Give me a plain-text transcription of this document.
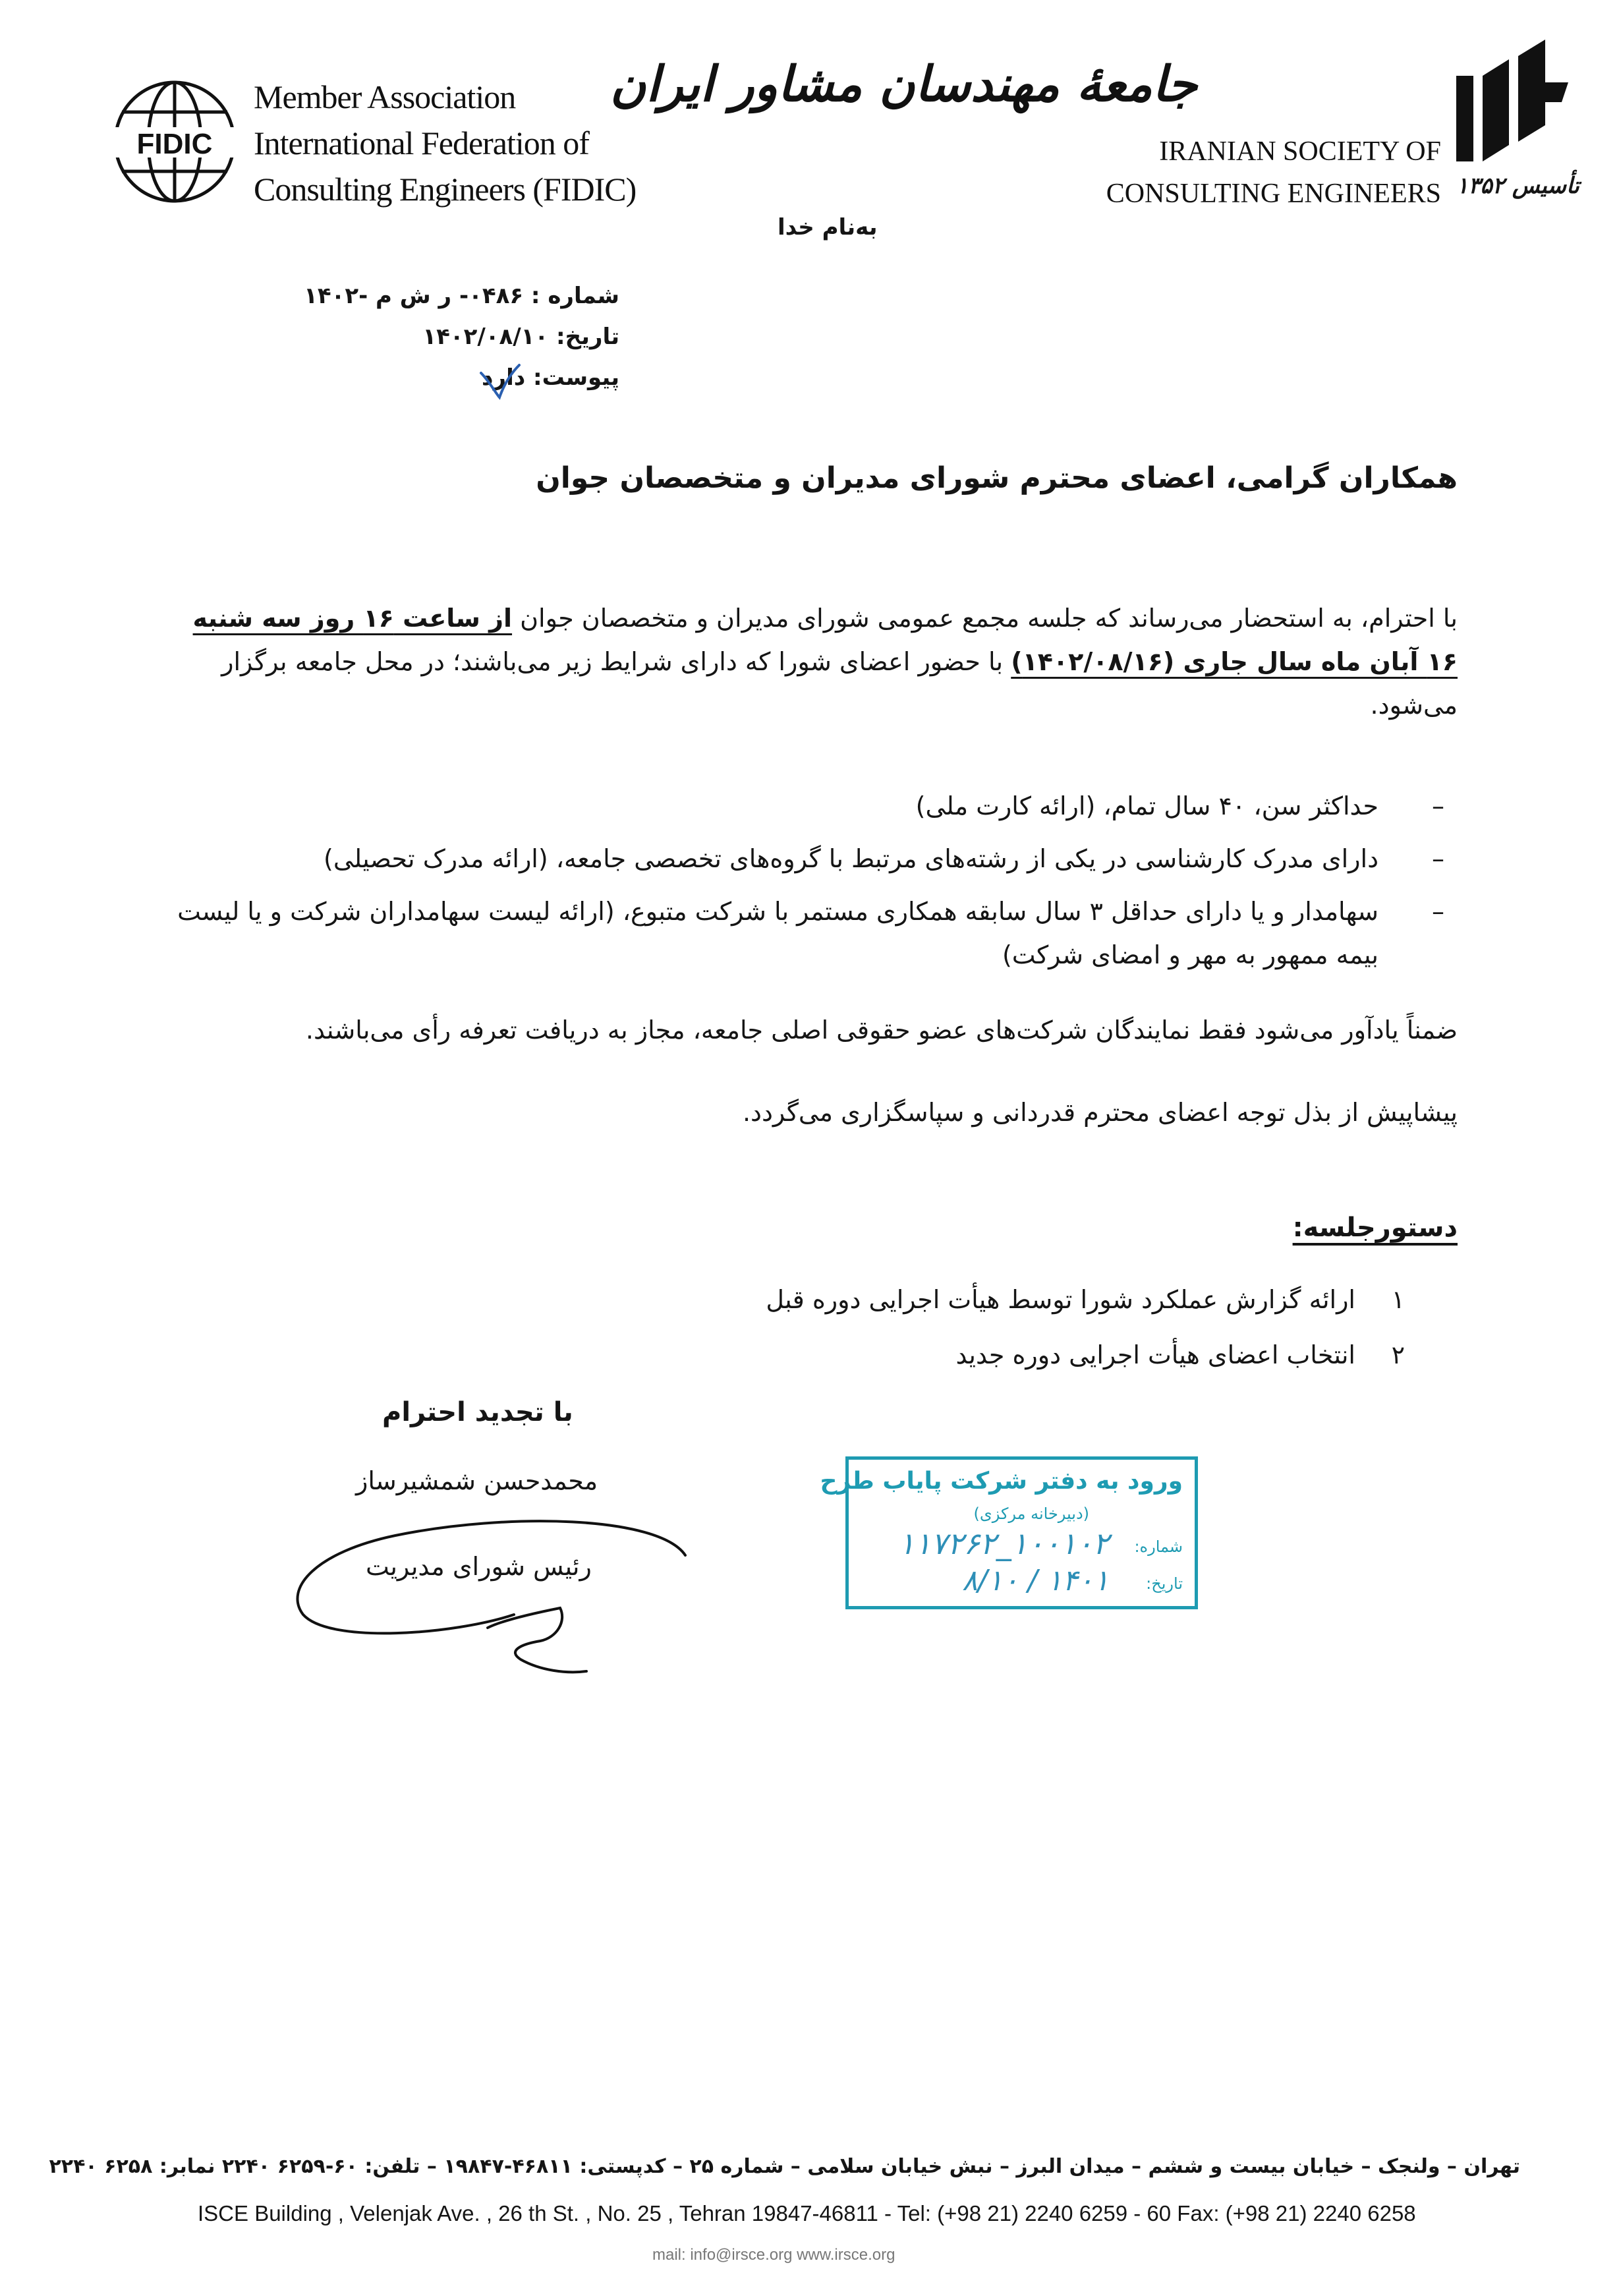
FIDIC
Member Association
International Federation of
Consulting Engineers (FIDIC)
جامعهٔ مهندسان مشاور ایران
IRANIAN SOCIETY OF
CONSULTING ENGINEERS تأسیس ۱۳۵۲
به‌نام خدا
شماره : ۰۴۸۶- ر ش م -۱۴۰۲
تاریخ: ۱۴۰۲/۰۸/۱۰
پیوست: دارد
همکاران گرامی، اعضای محترم شورای مدیران و متخصصان جوان
با احترام، به استحضار می‌رساند که جلسه مجمع عمومی شورای مدیران و متخصصان جوان از ساعت ۱۶ روز سه شنبه ۱۶ آبان ماه سال جاری (۱۴۰۲/۰۸/۱۶) با حضور اعضای شورا که دارای شرایط زیر می‌باشند؛ در محل جامعه برگزار می‌شود.
–
حداکثر سن، ۴۰ سال تمام، (ارائه کارت ملی)
–
دارای مدرک کارشناسی در یکی از رشته‌های مرتبط با گروه‌های تخصصی جامعه، (ارائه مدرک تحصیلی)
–
سهامدار و یا دارای حداقل ۳ سال سابقه همکاری مستمر با شرکت متبوع، (ارائه لیست سهامداران شرکت و یا لیست بیمه ممهور به مهر و امضای شرکت)
ضمناً یادآور می‌شود فقط نمایندگان شرکت‌های عضو حقوقی اصلی جامعه، مجاز به دریافت تعرفه رأی می‌باشند.
پیشاپیش از بذل توجه اعضای محترم قدردانی و سپاسگزاری می‌گردد.
دستورجلسه:
۱
ارائه گزارش عملکرد شورا توسط هیأت اجرایی دوره قبل
۲
انتخاب اعضای هیأت اجرایی دوره جدید
با تجدید احترام
محمدحسن شمشیرساز
رئیس شورای مدیریت
ورود به دفتر شرکت پایاب طرح
(دبیرخانه مرکزی)
شماره:
۱۰۰۱۰۲_۱۱۷۲۶۲
تاریخ:
۱۴۰۱ / ۸/۱۰
تهران – ولنجک – خیابان بیست و ششم – میدان البرز – نبش خیابان سلامی – شماره ۲۵ – کدپستی: ۴۶۸۱۱-۱۹۸۴۷ – تلفن: ۶۰-۶۲۵۹ ۲۲۴۰ نمابر: ۶۲۵۸ ۲۲۴۰
ISCE Building , Velenjak Ave. , 26 th St. , No. 25 , Tehran 19847-46811 - Tel: (+98 21) 2240 6259 - 60 Fax: (+98 21) 2240 6258
mail: info@irsce.org www.irsce.org
